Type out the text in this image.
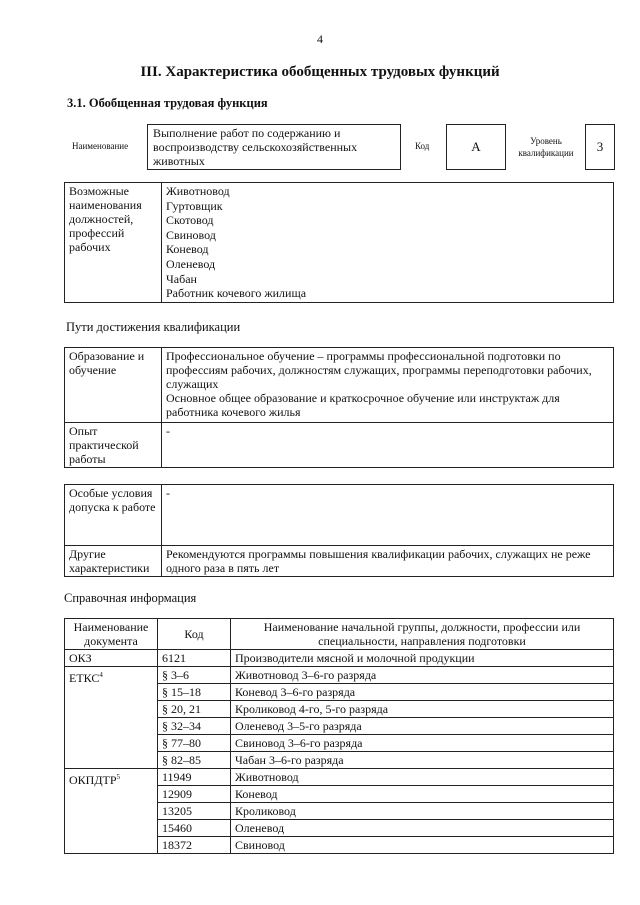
4
III. Характеристика обобщенных трудовых функций
3.1. Обобщенная трудовая функция
Наименование
Выполнение работ по содержанию и воспроизводству сельскохозяйственных животных
Код	А	Уровень квалификации	3
Возможные наименования должностей, профессий рабочих	
Животновод
Гуртовщик
Скотовод
Свиновод
Коневод
Оленевод
Чабан
Работник кочевого жилища
Пути достижения квалификации
Образование и обучение	Профессиональное обучение – программы профессиональной подготовки по профессиям рабочих, должностям служащих, программы переподготовки рабочих, служащих
Основное общее образование и краткосрочное обучение или инструктаж для работника кочевого жилья
Опыт практической работы	-
Особые условия допуска к работе	-
Другие характеристики	Рекомендуются программы повышения квалификации рабочих, служащих не реже одного раза в пять лет
Справочная информация
Наименование документа	Код	Наименование начальной группы, должности, профессии или специальности, направления подготовки
ОКЗ	6121	Производители мясной и молочной продукции
ЕТКС$^4$	§ 3–6	Животновод 3–6-го разряда
	§ 15–18	Коневод 3–6-го разряда
	§ 20, 21	Кроликовод 4-го, 5-го разряда
	§ 32–34	Оленевод 3–5-го разряда
	§ 77–80	Свиновод 3–6-го разряда
	§ 82–85	Чабан 3–6-го разряда
ОКПДТР$^5$	11949	Животновод
	12909	Коневод
	13205	Кроликовод
	15460	Оленевод
	18372	Свиновод
